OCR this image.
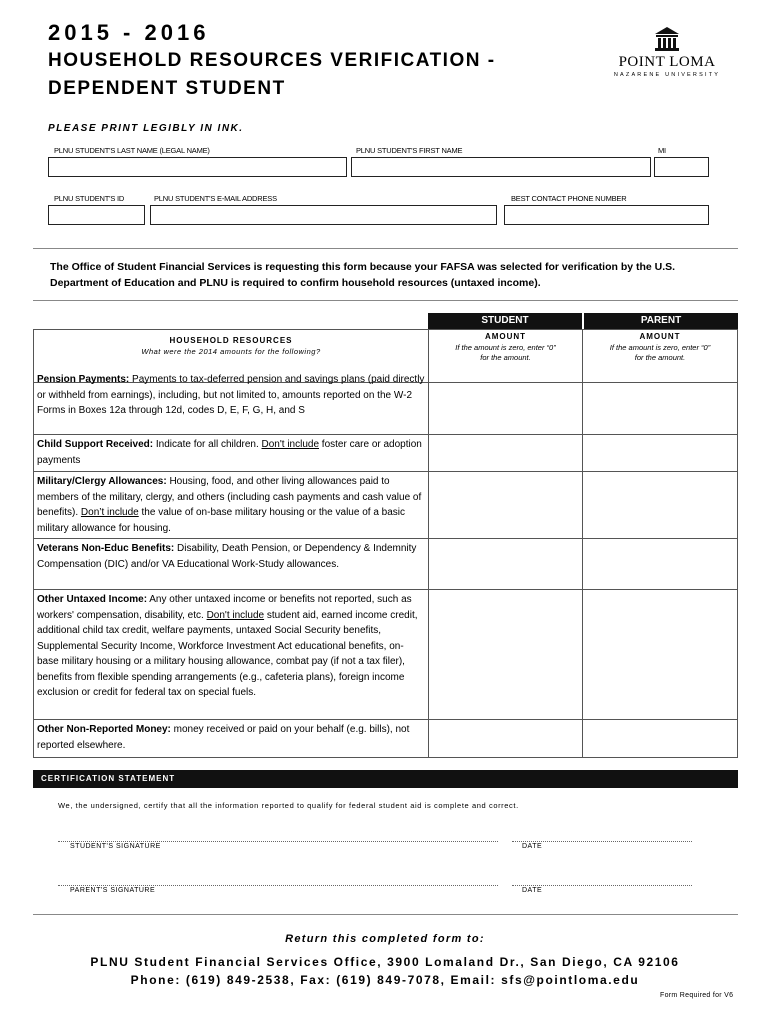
2015 - 2016
HOUSEHOLD RESOURCES VERIFICATION -
DEPENDENT STUDENT
POINT LOMA
NAZARENE UNIVERSITY
PLEASE PRINT LEGIBLY IN INK.
PLNU STUDENT'S LAST NAME (LEGAL NAME)	PLNU STUDENT'S FIRST NAME	MI
PLNU STUDENT'S ID	PLNU STUDENT'S E-MAIL ADDRESS	BEST CONTACT PHONE NUMBER
The Office of Student Financial Services is requesting this form because your FAFSA was selected for verification by the U.S. Department of Education and PLNU is required to confirm household resources (untaxed income).
STUDENT	PARENT
HOUSEHOLD RESOURCES
What were the 2014 amounts for the following?
AMOUNT
If the amount is zero, enter “0”
for the amount.
AMOUNT
If the amount is zero, enter “0”
for the amount.
Pension Payments: Payments to tax-deferred pension and savings plans (paid directly or withheld from earnings), including, but not limited to, amounts reported on the W-2 Forms in Boxes 12a through 12d, codes D, E, F, G, H, and S
Child Support Received: Indicate for all children. Don't include foster care or adoption payments
Military/Clergy Allowances: Housing, food, and other living allowances paid to members of the military, clergy, and others (including cash payments and cash value of benefits). Don’t include the value of on-base military housing or the value of a basic military allowance for housing.
Veterans Non-Educ Benefits: Disability, Death Pension, or Dependency & Indemnity Compensation (DIC) and/or VA Educational Work-Study allowances.
Other Untaxed Income: Any other untaxed income or benefits not reported, such as workers' compensation, disability, etc. Don't include student aid, earned income credit, additional child tax credit, welfare payments, untaxed Social Security benefits, Supplemental Security Income, Workforce Investment Act educational benefits, on-base military housing or a military housing allowance, combat pay (if not a tax filer), benefits from flexible spending arrangements (e.g., cafeteria plans), foreign income exclusion or credit for federal tax on special fuels.
Other Non-Reported Money: money received or paid on your behalf (e.g. bills), not reported elsewhere.
CERTIFICATION STATEMENT
We, the undersigned, certify that all the information reported to qualify for federal student aid is complete and correct.
STUDENT'S SIGNATURE	DATE
PARENT'S SIGNATURE	DATE
Return this completed form to:
PLNU Student Financial Services Office, 3900 Lomaland Dr., San Diego, CA 92106
Phone: (619) 849-2538, Fax: (619) 849-7078, Email: sfs@pointloma.edu
Form Required for V6
